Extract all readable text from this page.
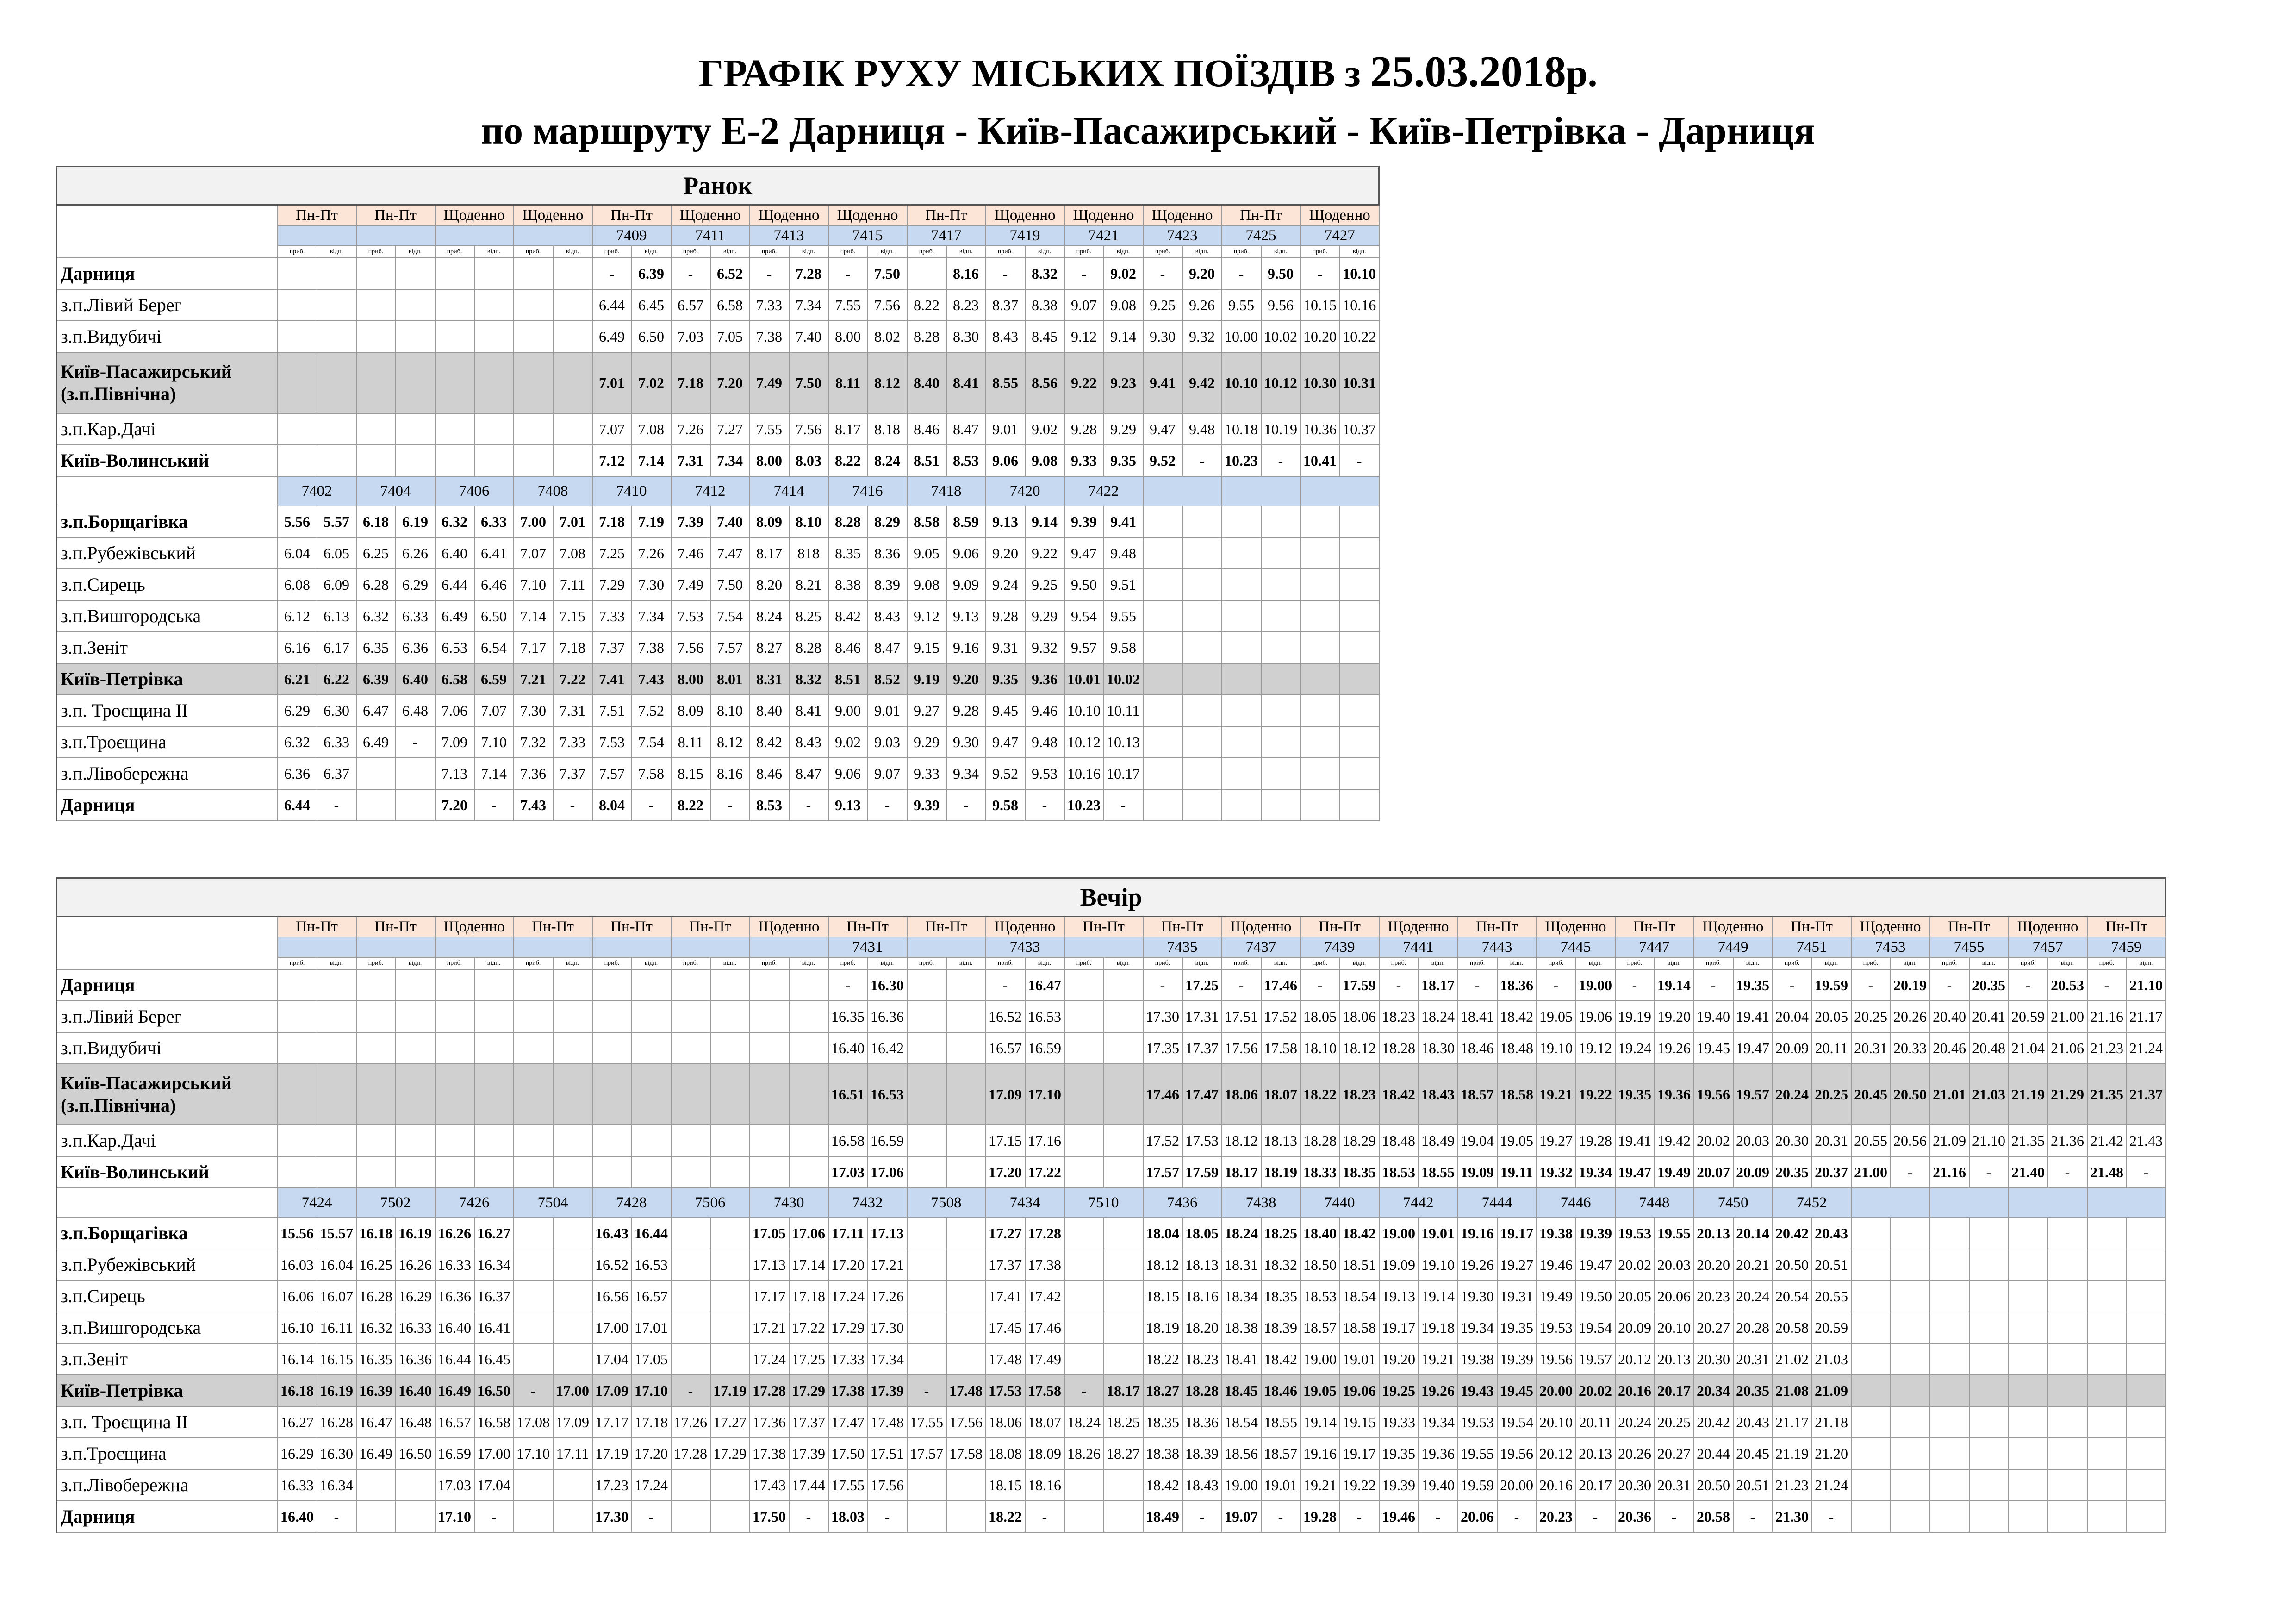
ГРАФІК РУХУ МІСЬКИХ ПОЇЗДІВ з 25.03.2018р.
по маршруту Е-2 Дарниця - Київ-Пасажирський - Київ-Петрівка - Дарниця
Ранок																												
	Пн-Пт		Пн-Пт		Щоденно		Щоденно		Пн-Пт		Щоденно		Щоденно		Щоденно		Пн-Пт		Щоденно		Щоденно		Щоденно		Пн-Пт		Щоденно	
									7409		7411		7413		7415		7417		7419		7421		7423		7425		7427	
	приб.	відп.	приб.	відп.	приб.	відп.	приб.	відп.	приб.	відп.	приб.	відп.	приб.	відп.	приб.	відп.	приб.	відп.	приб.	відп.	приб.	відп.	приб.	відп.	приб.	відп.	приб.	відп.
Дарниця									-	6.39	-	6.52	-	7.28	-	7.50		8.16	-	8.32	-	9.02	-	9.20	-	9.50	-	10.10
з.п.Лівий Берег									6.44	6.45	6.57	6.58	7.33	7.34	7.55	7.56	8.22	8.23	8.37	8.38	9.07	9.08	9.25	9.26	9.55	9.56	10.15	10.16
з.п.Видубичі									6.49	6.50	7.03	7.05	7.38	7.40	8.00	8.02	8.28	8.30	8.43	8.45	9.12	9.14	9.30	9.32	10.00	10.02	10.20	10.22
Київ-Пасажирський
(з.п.Північна)									7.01	7.02	7.18	7.20	7.49	7.50	8.11	8.12	8.40	8.41	8.55	8.56	9.22	9.23	9.41	9.42	10.10	10.12	10.30	10.31
з.п.Кар.Дачі									7.07	7.08	7.26	7.27	7.55	7.56	8.17	8.18	8.46	8.47	9.01	9.02	9.28	9.29	9.47	9.48	10.18	10.19	10.36	10.37
Київ-Волинський									7.12	7.14	7.31	7.34	8.00	8.03	8.22	8.24	8.51	8.53	9.06	9.08	9.33	9.35	9.52	-	10.23	-	10.41	-
	7402		7404		7406		7408		7410		7412		7414		7416		7418		7420		7422							
з.п.Борщагівка	5.56	5.57	6.18	6.19	6.32	6.33	7.00	7.01	7.18	7.19	7.39	7.40	8.09	8.10	8.28	8.29	8.58	8.59	9.13	9.14	9.39	9.41						
з.п.Рубежівський	6.04	6.05	6.25	6.26	6.40	6.41	7.07	7.08	7.25	7.26	7.46	7.47	8.17	818	8.35	8.36	9.05	9.06	9.20	9.22	9.47	9.48						
з.п.Сирець	6.08	6.09	6.28	6.29	6.44	6.46	7.10	7.11	7.29	7.30	7.49	7.50	8.20	8.21	8.38	8.39	9.08	9.09	9.24	9.25	9.50	9.51						
з.п.Вишгородська	6.12	6.13	6.32	6.33	6.49	6.50	7.14	7.15	7.33	7.34	7.53	7.54	8.24	8.25	8.42	8.43	9.12	9.13	9.28	9.29	9.54	9.55						
з.п.Зеніт	6.16	6.17	6.35	6.36	6.53	6.54	7.17	7.18	7.37	7.38	7.56	7.57	8.27	8.28	8.46	8.47	9.15	9.16	9.31	9.32	9.57	9.58						
Київ-Петрівка	6.21	6.22	6.39	6.40	6.58	6.59	7.21	7.22	7.41	7.43	8.00	8.01	8.31	8.32	8.51	8.52	9.19	9.20	9.35	9.36	10.01	10.02						
з.п. Троєщина ІІ	6.29	6.30	6.47	6.48	7.06	7.07	7.30	7.31	7.51	7.52	8.09	8.10	8.40	8.41	9.00	9.01	9.27	9.28	9.45	9.46	10.10	10.11						
з.п.Троєщина	6.32	6.33	6.49	-	7.09	7.10	7.32	7.33	7.53	7.54	8.11	8.12	8.42	8.43	9.02	9.03	9.29	9.30	9.47	9.48	10.12	10.13						
з.п.Лівобережна	6.36	6.37			7.13	7.14	7.36	7.37	7.57	7.58	8.15	8.16	8.46	8.47	9.06	9.07	9.33	9.34	9.52	9.53	10.16	10.17						
Дарниця	6.44	-			7.20	-	7.43	-	8.04	-	8.22	-	8.53	-	9.13	-	9.39	-	9.58	-	10.23	-						
Вечір																																																
	Пн-Пт		Пн-Пт		Щоденно		Пн-Пт		Пн-Пт		Пн-Пт		Щоденно		Пн-Пт		Пн-Пт		Щоденно		Пн-Пт		Пн-Пт		Щоденно		Пн-Пт		Щоденно		Пн-Пт		Щоденно		Пн-Пт		Щоденно		Пн-Пт		Щоденно		Пн-Пт		Щоденно		Пн-Пт	
															7431				7433				7435		7437		7439		7441		7443		7445		7447		7449		7451		7453		7455		7457		7459	
	приб.	відп.	приб.	відп.	приб.	відп.	приб.	відп.	приб.	відп.	приб.	відп.	приб.	відп.	приб.	відп.	приб.	відп.	приб.	відп.	приб.	відп.	приб.	відп.	приб.	відп.	приб.	відп.	приб.	відп.	приб.	відп.	приб.	відп.	приб.	відп.	приб.	відп.	приб.	відп.	приб.	відп.	приб.	відп.	приб.	відп.	приб.	відп.
Дарниця															-	16.30			-	16.47			-	17.25	-	17.46	-	17.59	-	18.17	-	18.36	-	19.00	-	19.14	-	19.35	-	19.59	-	20.19	-	20.35	-	20.53	-	21.10
з.п.Лівий Берег															16.35	16.36			16.52	16.53			17.30	17.31	17.51	17.52	18.05	18.06	18.23	18.24	18.41	18.42	19.05	19.06	19.19	19.20	19.40	19.41	20.04	20.05	20.25	20.26	20.40	20.41	20.59	21.00	21.16	21.17
з.п.Видубичі															16.40	16.42			16.57	16.59			17.35	17.37	17.56	17.58	18.10	18.12	18.28	18.30	18.46	18.48	19.10	19.12	19.24	19.26	19.45	19.47	20.09	20.11	20.31	20.33	20.46	20.48	21.04	21.06	21.23	21.24
Київ-Пасажирський
(з.п.Північна)															16.51	16.53			17.09	17.10			17.46	17.47	18.06	18.07	18.22	18.23	18.42	18.43	18.57	18.58	19.21	19.22	19.35	19.36	19.56	19.57	20.24	20.25	20.45	20.50	21.01	21.03	21.19	21.29	21.35	21.37
з.п.Кар.Дачі															16.58	16.59			17.15	17.16			17.52	17.53	18.12	18.13	18.28	18.29	18.48	18.49	19.04	19.05	19.27	19.28	19.41	19.42	20.02	20.03	20.30	20.31	20.55	20.56	21.09	21.10	21.35	21.36	21.42	21.43
Київ-Волинський															17.03	17.06			17.20	17.22			17.57	17.59	18.17	18.19	18.33	18.35	18.53	18.55	19.09	19.11	19.32	19.34	19.47	19.49	20.07	20.09	20.35	20.37	21.00	-	21.16	-	21.40	-	21.48	-
	7424		7502		7426		7504		7428		7506		7430		7432		7508		7434		7510		7436		7438		7440		7442		7444		7446		7448		7450		7452									
з.п.Борщагівка	15.56	15.57	16.18	16.19	16.26	16.27			16.43	16.44			17.05	17.06	17.11	17.13			17.27	17.28			18.04	18.05	18.24	18.25	18.40	18.42	19.00	19.01	19.16	19.17	19.38	19.39	19.53	19.55	20.13	20.14	20.42	20.43								
з.п.Рубежівський	16.03	16.04	16.25	16.26	16.33	16.34			16.52	16.53			17.13	17.14	17.20	17.21			17.37	17.38			18.12	18.13	18.31	18.32	18.50	18.51	19.09	19.10	19.26	19.27	19.46	19.47	20.02	20.03	20.20	20.21	20.50	20.51								
з.п.Сирець	16.06	16.07	16.28	16.29	16.36	16.37			16.56	16.57			17.17	17.18	17.24	17.26			17.41	17.42			18.15	18.16	18.34	18.35	18.53	18.54	19.13	19.14	19.30	19.31	19.49	19.50	20.05	20.06	20.23	20.24	20.54	20.55								
з.п.Вишгородська	16.10	16.11	16.32	16.33	16.40	16.41			17.00	17.01			17.21	17.22	17.29	17.30			17.45	17.46			18.19	18.20	18.38	18.39	18.57	18.58	19.17	19.18	19.34	19.35	19.53	19.54	20.09	20.10	20.27	20.28	20.58	20.59								
з.п.Зеніт	16.14	16.15	16.35	16.36	16.44	16.45			17.04	17.05			17.24	17.25	17.33	17.34			17.48	17.49			18.22	18.23	18.41	18.42	19.00	19.01	19.20	19.21	19.38	19.39	19.56	19.57	20.12	20.13	20.30	20.31	21.02	21.03								
Київ-Петрівка	16.18	16.19	16.39	16.40	16.49	16.50	-	17.00	17.09	17.10	-	17.19	17.28	17.29	17.38	17.39	-	17.48	17.53	17.58	-	18.17	18.27	18.28	18.45	18.46	19.05	19.06	19.25	19.26	19.43	19.45	20.00	20.02	20.16	20.17	20.34	20.35	21.08	21.09								
з.п. Троєщина ІІ	16.27	16.28	16.47	16.48	16.57	16.58	17.08	17.09	17.17	17.18	17.26	17.27	17.36	17.37	17.47	17.48	17.55	17.56	18.06	18.07	18.24	18.25	18.35	18.36	18.54	18.55	19.14	19.15	19.33	19.34	19.53	19.54	20.10	20.11	20.24	20.25	20.42	20.43	21.17	21.18								
з.п.Троєщина	16.29	16.30	16.49	16.50	16.59	17.00	17.10	17.11	17.19	17.20	17.28	17.29	17.38	17.39	17.50	17.51	17.57	17.58	18.08	18.09	18.26	18.27	18.38	18.39	18.56	18.57	19.16	19.17	19.35	19.36	19.55	19.56	20.12	20.13	20.26	20.27	20.44	20.45	21.19	21.20								
з.п.Лівобережна	16.33	16.34			17.03	17.04			17.23	17.24			17.43	17.44	17.55	17.56			18.15	18.16			18.42	18.43	19.00	19.01	19.21	19.22	19.39	19.40	19.59	20.00	20.16	20.17	20.30	20.31	20.50	20.51	21.23	21.24								
Дарниця	16.40	-			17.10	-			17.30	-			17.50	-	18.03	-			18.22	-			18.49	-	19.07	-	19.28	-	19.46	-	20.06	-	20.23	-	20.36	-	20.58	-	21.30	-								
